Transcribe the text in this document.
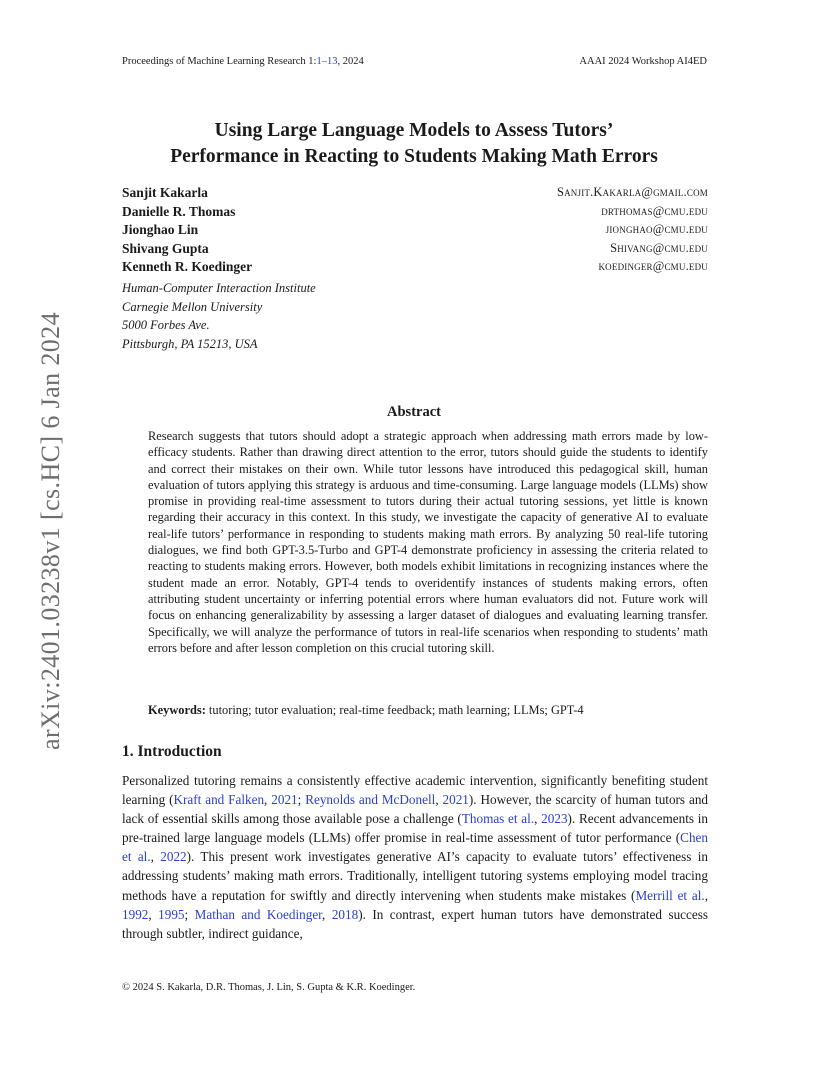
Proceedings of Machine Learning Research 1:1–13, 2024	AAAI 2024 Workshop AI4ED
arXiv:2401.03238v1 [cs.HC] 6 Jan 2024
Using Large Language Models to Assess Tutors’
Performance in Reacting to Students Making Math Errors
Sanjit Kakarla	Sanjit.Kakarla@gmail.com
Danielle R. Thomas	drthomas@cmu.edu
Jionghao Lin	jionghao@cmu.edu
Shivang Gupta	Shivang@cmu.edu
Kenneth R. Koedinger	koedinger@cmu.edu
Human-Computer Interaction Institute
Carnegie Mellon University
5000 Forbes Ave.
Pittsburgh, PA 15213, USA
Abstract

Research suggests that tutors should adopt a strategic approach when addressing math errors made by low-efficacy students. Rather than drawing direct attention to the error, tutors should guide the students to identify and correct their mistakes on their own. While tutor lessons have introduced this pedagogical skill, human evaluation of tutors applying this strategy is arduous and time-consuming. Large language models (LLMs) show promise in providing real-time assessment to tutors during their actual tutoring sessions, yet little is known regarding their accuracy in this context. In this study, we investigate the capacity of generative AI to evaluate real-life tutors’ performance in responding to students making math errors. By analyzing 50 real-life tutoring dialogues, we find both GPT-3.5-Turbo and GPT-4 demonstrate proficiency in assessing the criteria related to reacting to students making errors. However, both models exhibit limitations in recognizing instances where the student made an error. Notably, GPT-4 tends to overidentify instances of students making errors, often attributing student uncertainty or inferring potential errors where human evaluators did not. Future work will focus on enhancing generalizability by assessing a larger dataset of dialogues and evaluating learning transfer. Specifically, we will analyze the performance of tutors in real-life scenarios when responding to students’ math errors before and after lesson completion on this crucial tutoring skill.

Keywords: tutoring; tutor evaluation; real-time feedback; math learning; LLMs; GPT-4
1. Introduction

Personalized tutoring remains a consistently effective academic intervention, significantly benefiting student learning (Kraft and Falken, 2021; Reynolds and McDonell, 2021). However, the scarcity of human tutors and lack of essential skills among those available pose a challenge (Thomas et al., 2023). Recent advancements in pre-trained large language models (LLMs) offer promise in real-time assessment of tutor performance (Chen et al., 2022). This present work investigates generative AI’s capacity to evaluate tutors’ effectiveness in addressing students’ making math errors. Traditionally, intelligent tutoring systems employing model tracing methods have a reputation for swiftly and directly intervening when students make mistakes (Merrill et al., 1992, 1995; Mathan and Koedinger, 2018). In contrast, expert human tutors have demonstrated success through subtler, indirect guidance,

© 2024 S. Kakarla, D.R. Thomas, J. Lin, S. Gupta & K.R. Koedinger.
